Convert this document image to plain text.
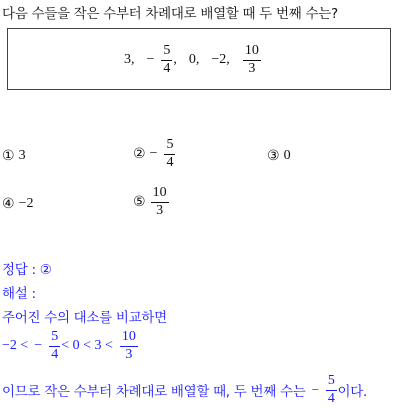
다음 수들을 작은 수부터 차례대로 배열할 때 두 번째 수는?
3, − $\frac{5}{4}$ , 0, −2, $\frac{10}{3}$
① 3	② − $\frac{5}{4}$	③ 0
④ −2	⑤ $\frac{10}{3}$
정답 : ②
해설 :
주어진 수의 대소를 비교하면
−2 < − $\frac{5}{4} < 0 < 3 < \frac{10}{3}$
이므로 작은 수부터 차례대로 배열할 때, 두 번째 수는 − $\frac{5}{4}$ 이다.
